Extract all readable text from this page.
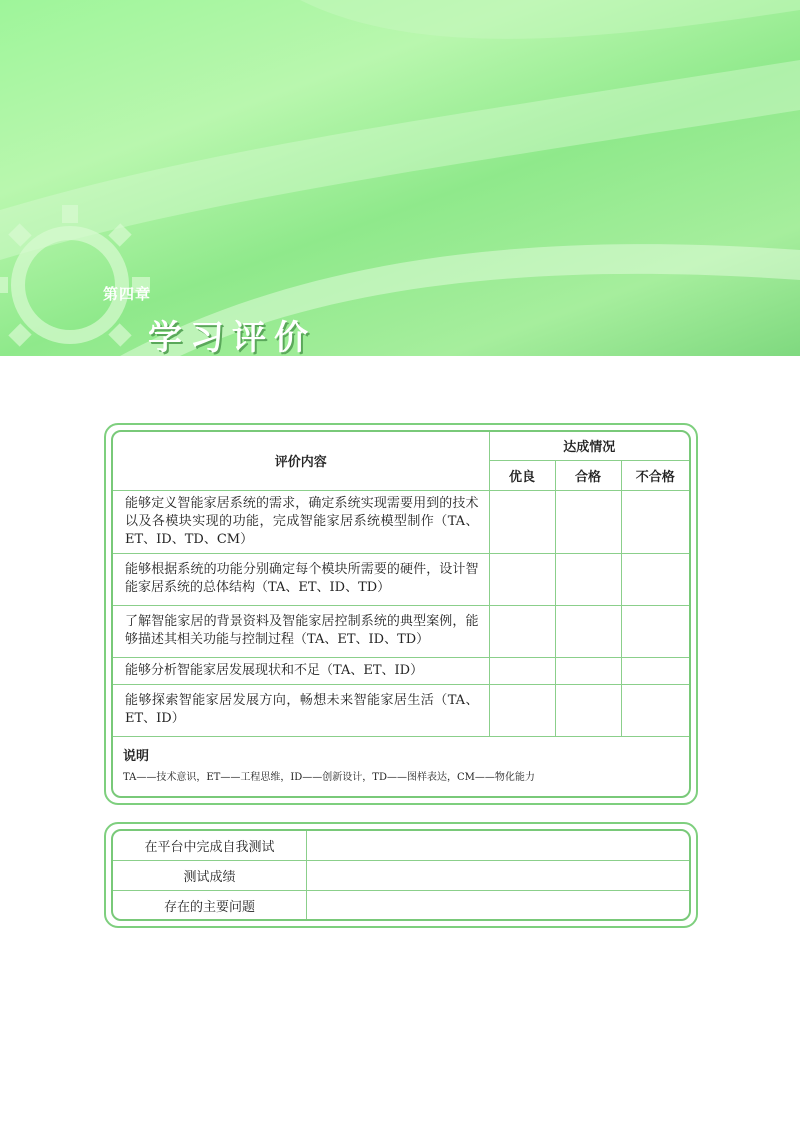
第四章
学习评价
评价内容	达成情况		
	优良	合格	不合格
能够定义智能家居系统的需求，确定系统实现需要用到的技术以及各模块实现的功能，完成智能家居系统模型制作（TA、ET、ID、TD、CM）			
能够根据系统的功能分别确定每个模块所需要的硬件，设计智能家居系统的总体结构（TA、ET、ID、TD）			
了解智能家居的背景资料及智能家居控制系统的典型案例，能够描述其相关功能与控制过程（TA、ET、ID、TD）			
能够分析智能家居发展现状和不足（TA、ET、ID）			
能够探索智能家居发展方向，畅想未来智能家居生活（TA、ET、ID）			

说明
TA——技术意识，ET——工程思维，ID——创新设计，TD——图样表达，CM——物化能力			
在平台中完成自我测试	
测试成绩	
存在的主要问题	
